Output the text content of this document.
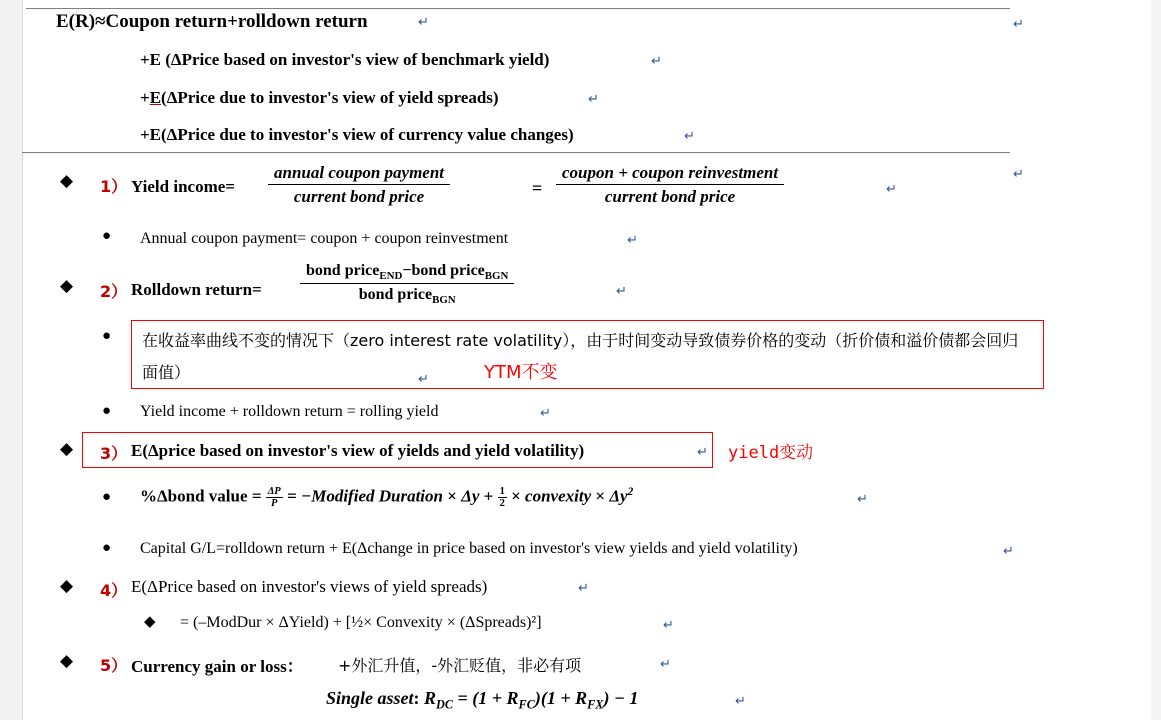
E(R)≈Coupon return+rolldown return	↵	↵
+E (ΔPrice based on investor's view of benchmark yield)	↵
+E(ΔPrice due to investor's view of yield spreads)	↵
+E(ΔPrice due to investor's view of currency value changes)	↵
◆ 1） Yield income=
annual coupon payment
current bond price	=
coupon + coupon reinvestment
current bond price	↵
↵
● Annual coupon payment= coupon + coupon reinvestment	↵
◆ 2） Rolldown return=
bond price$_{END}$−bond price$_{BGN}$
bond price$_{BGN}$
↵
● 在收益率曲线不变的情况下（zero interest rate volatility），由于时间变动导致债券价格的变动（折价债和溢价债都会回归面值）	↵	YTM不变
● Yield income + rolldown return = rolling yield	↵
◆ 3） E(Δprice based on investor's view of yields and yield volatility)	↵ yield变动
● %Δbond value = $\frac{\Delta P}{P}$ = −Modified Duration × $\Delta y + \frac{1}{2}$ × convexity × $\Delta y^2$	↵
● Capital G/L=rolldown return + E(Δchange in price based on investor's view yields and yield volatility)	↵
◆ 4） E(ΔPrice based on investor's views of yield spreads)	↵
◆ = (–ModDur × ΔYield) + [½× Convexity × (ΔSpreads)²]	↵
◆ 5） Currency gain or loss： +外汇升值，-外汇贬值，非必有项	↵
Single asset: $R_{DC} = (1 + R_{FC})(1 + R_{FX}) - 1$	↵
